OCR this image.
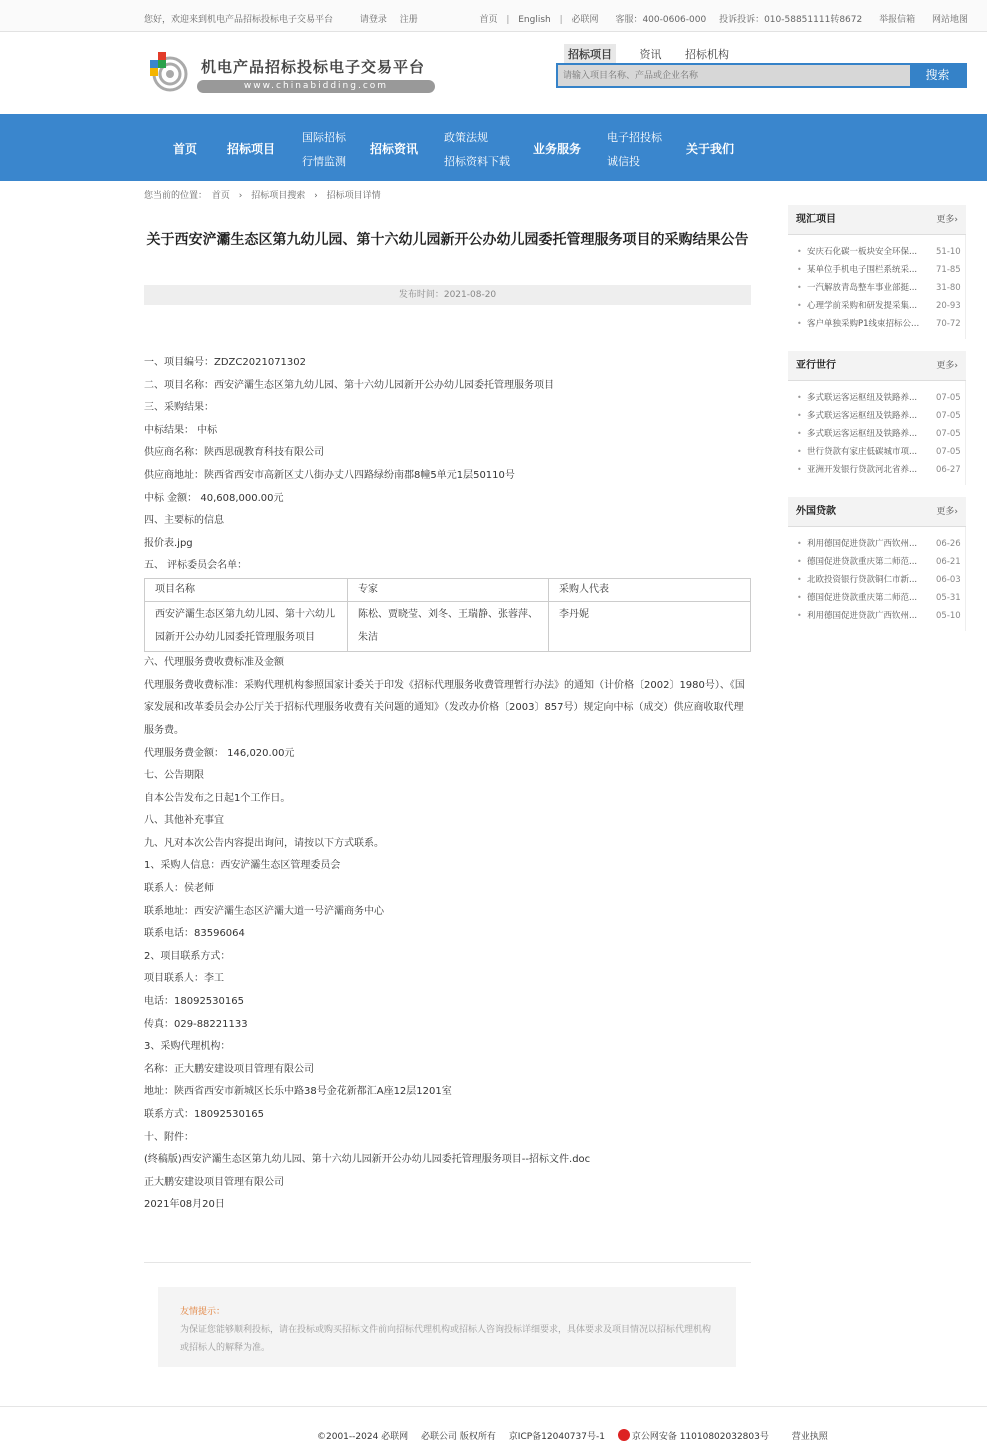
您好，欢迎来到机电产品招标投标电子交易平台	请登录 注册	首页 | English | 必联网 客服：400-0606-000 投诉投诉：010-58851111转8672 举报信箱 网站地图
机电产品招标投标电子交易平台
www.chinabidding.com
招标项目	资讯 招标机构
请输入项目名称、产品或企业名称
搜索
首页 招标项目
国际招标
行情监测
招标资讯
政策法规
招标资料下载
业务服务
电子招投标
诚信投
关于我们
您当前的位置： 首页 › 招标项目搜索 › 招标项目详情
关于西安浐灞生态区第九幼儿园、第十六幼儿园新开公办幼儿园委托管理服务项目的采购结果公告
发布时间：2021-08-20

一、项目编号：ZDZC2021071302

二、项目名称：西安浐灞生态区第九幼儿园、第十六幼儿园新开公办幼儿园委托管理服务项目

三、采购结果：

中标结果： 中标

供应商名称：陕西思砚教育科技有限公司

供应商地址：陕西省西安市高新区丈八街办丈八四路绿纷南郡8幢5单元1层50110号

中标 金额： 40,608,000.00元

四、主要标的信息

报价表.jpg

五、 评标委员会名单：

项目名称	专家	采购人代表
西安浐灞生态区第九幼儿园、第十六幼儿园新开公办幼儿园委托管理服务项目	陈松、贾晓莹、刘冬、王瑞静、张蓉萍、朱洁	李丹妮

六、代理服务费收费标准及金额

代理服务费收费标准：采购代理机构参照国家计委关于印发《招标代理服务收费管理暂行办法》的通知（计价格〔2002〕1980号）、《国家发展和改革委员会办公厅关于招标代理服务收费有关问题的通知》（发改办价格〔2003〕857号）规定向中标（成交）供应商收取代理服务费。

代理服务费金额： 146,020.00元

七、公告期限

自本公告发布之日起1个工作日。

八、其他补充事宜

九、凡对本次公告内容提出询问，请按以下方式联系。

1、采购人信息：西安浐灞生态区管理委员会

联系人：侯老师

联系地址：西安浐灞生态区浐灞大道一号浐灞商务中心

联系电话：83596064

2、项目联系方式：

项目联系人：李工

电话：18092530165

传真：029-88221133

3、采购代理机构：

名称：正大鹏安建设项目管理有限公司

地址：陕西省西安市新城区长乐中路38号金花新都汇A座12层1201室

联系方式：18092530165

十、附件：

(终稿版)西安浐灞生态区第九幼儿园、第十六幼儿园新开公办幼儿园委托管理服务项目--招标文件.doc

正大鹏安建设项目管理有限公司

2021年08月20日

友情提示：
为保证您能够顺利投标，请在投标或购买招标文件前向招标代理机构或招标人咨询投标详细要求，具体要求及项目情况以招标代理机构或招标人的解释为准。
现汇项目	更多›
• 安庆石化碳一板块安全环保... 51-10
• 某单位手机电子围栏系统采... 71-85
• 一汽解放青岛整车事业部挺... 31-80
• 心理学前采购和研发提采集... 20-93
• 客户单独采购P1线束招标公... 70-72
亚行世行	更多›
• 多式联运客运枢纽及铁路养... 07-05
• 多式联运客运枢纽及铁路养... 07-05
• 多式联运客运枢纽及铁路养... 07-05
• 世行贷款有家庄低碳城市项... 07-05
• 亚洲开发银行贷款河北省养... 06-27
外国贷款	更多›
• 利用德国促进贷款广西钦州... 06-26
• 德国促进贷款重庆第二师范... 06-21
• 北欧投资银行贷款铜仁市新... 06-03
• 德国促进贷款重庆第二师范... 05-31
• 利用德国促进贷款广西钦州... 05-10
©2001--2024 必联网 必联公司 版权所有 京ICP备12040737号-1	京公网安备 11010802032803号	营业执照
